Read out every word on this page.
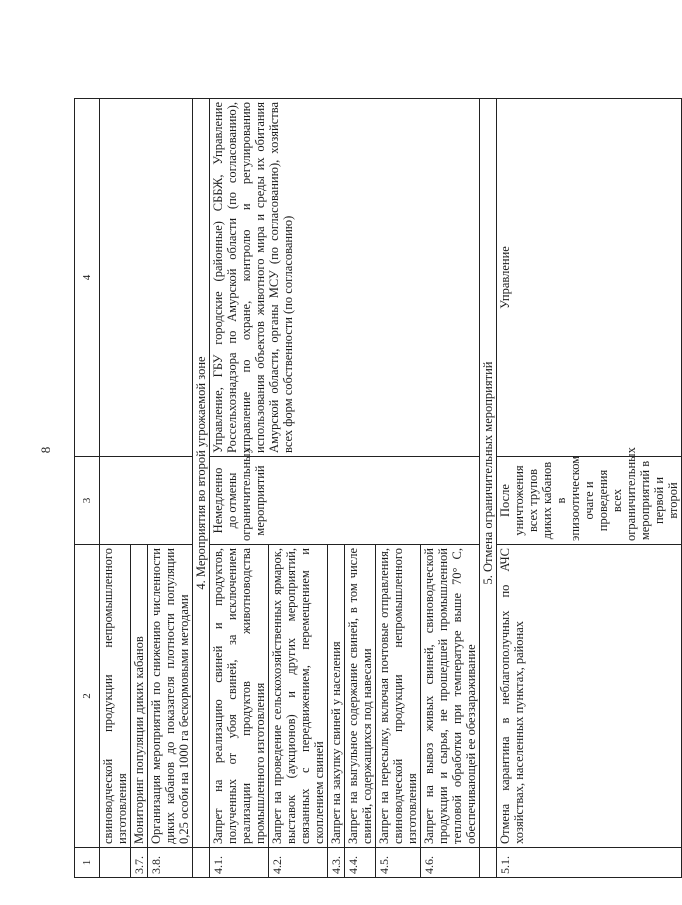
8
1	2	3	4
	свиноводческой продукции непромышленного изготовления		
3.7.	Мониторинг популяции диких кабанов		
3.8.	Организация мероприятий по снижению численности диких кабанов до показателя плотности популяции 0,25 особи на 1000 га бескормовыми методами		
	4. Мероприятия во второй угрожаемой зоне		
4.1.	Запрет на реализацию свиней и продуктов, полученных от убоя свиней, за исключением реализации продуктов животноводства промышленного изготовления	Немедленно до отмены ограничительных мероприятий	Управление, ГБУ городские (районные) СББЖ, Управление Россельхознадзора по Амурской области (по согласованию), управление по охране, контролю и регулированию использования объектов животного мира и среды их обитания Амурской области, органы МСУ (по согласованию), хозяйства всех форм собственности (по согласованию)
4.2.	Запрет на проведение сельскохозяйственных ярмарок, выставок (аукционов) и других мероприятий, связанных с передвижением, перемещением и скоплением свиней		
4.3.	Запрет на закупку свиней у населения		
4.4.	Запрет на выгульное содержание свиней, в том числе свиней, содержащихся под навесами		
4.5.	Запрет на пересылку, включая почтовые отправления, свиноводческой продукции непромышленного изготовления		
4.6.	Запрет на вывоз живых свиней, свиноводческой продукции и сырья, не прошедшей промышленной тепловой обработки при температуре выше 70° С, обеспечивающей ее обеззараживание		
	5. Отмена ограничительных мероприятий		
5.1.	Отмена карантина в неблагополучных по АЧС хозяйствах, населенных пунктах, районах	После уничтожения всех трупов диких кабанов в эпизоотическом очаге и проведения всех ограничительных мероприятий в первой и второй	Управление
